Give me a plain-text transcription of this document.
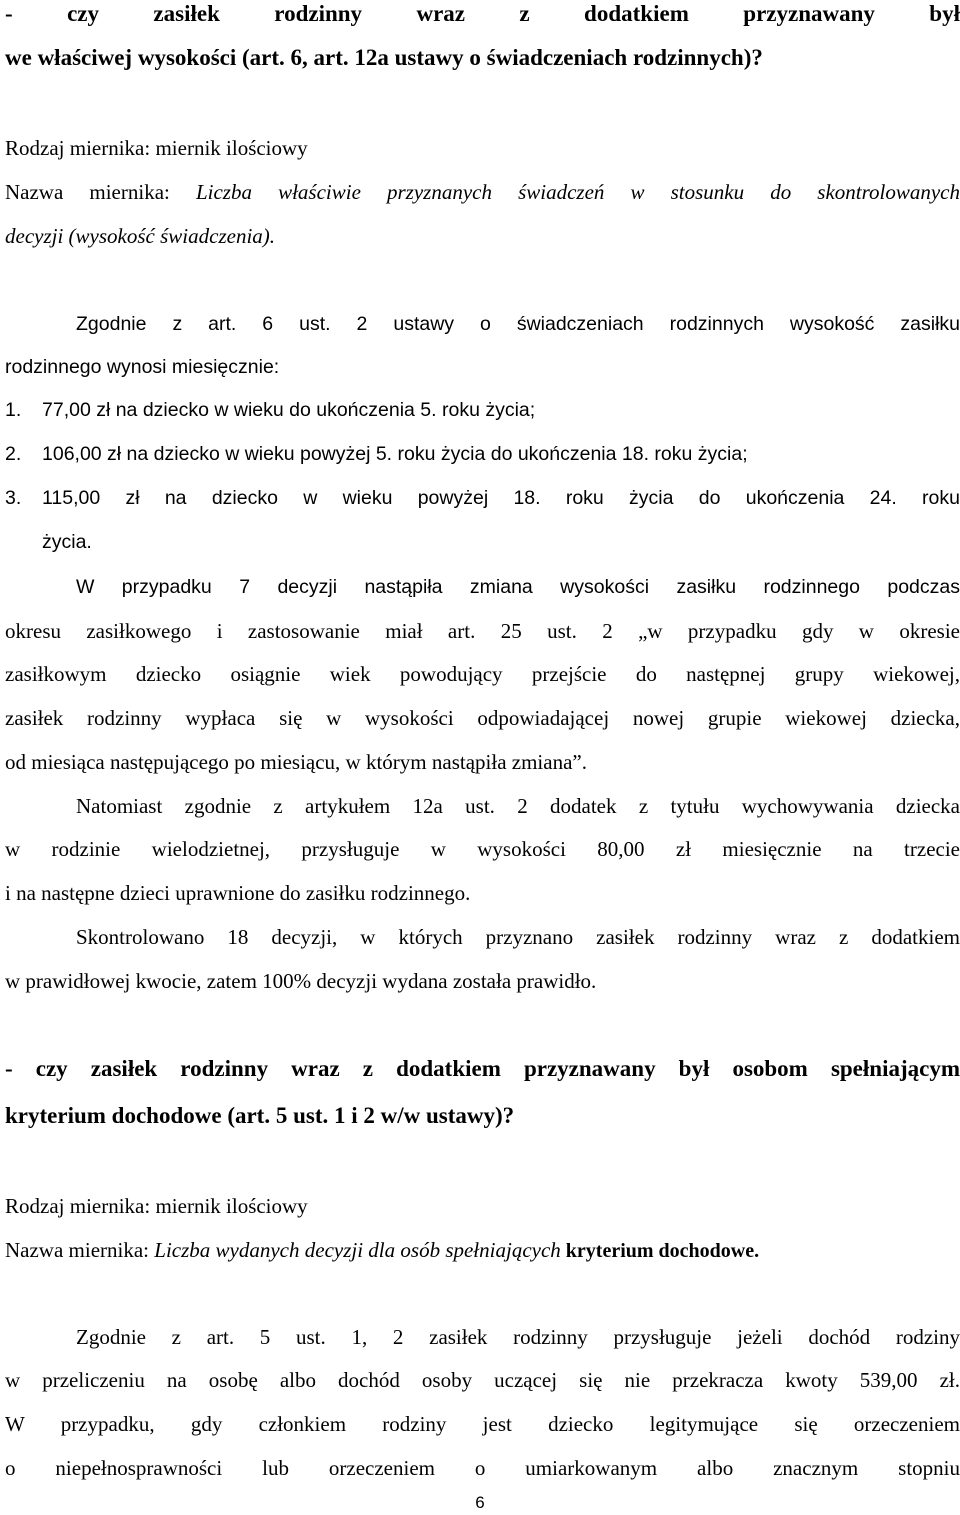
- czy zasiłek rodzinny wraz z dodatkiem przyznawany był
we właściwej wysokości (art. 6, art. 12a ustawy o świadczeniach rodzinnych)?
Rodzaj miernika: miernik ilościowy
Nazwa miernika: Liczba właściwie przyznanych świadczeń w stosunku do skontrolowanych
decyzji (wysokość świadczenia).
Zgodnie z art. 6 ust. 2 ustawy o świadczeniach rodzinnych wysokość zasiłku
rodzinnego wynosi miesięcznie:
1. 77,00 zł na dziecko w wieku do ukończenia 5. roku życia;
2. 106,00 zł na dziecko w wieku powyżej 5. roku życia do ukończenia 18. roku życia;
3. 115,00 zł na dziecko w wieku powyżej 18. roku życia do ukończenia 24. roku
życia.
W przypadku 7 decyzji nastąpiła zmiana wysokości zasiłku rodzinnego podczas
okresu zasiłkowego i zastosowanie miał art. 25 ust. 2 „w przypadku gdy w okresie
zasiłkowym dziecko osiągnie wiek powodujący przejście do następnej grupy wiekowej,
zasiłek rodzinny wypłaca się w wysokości odpowiadającej nowej grupie wiekowej dziecka,
od miesiąca następującego po miesiącu, w którym nastąpiła zmiana”.
Natomiast zgodnie z artykułem 12a ust. 2 dodatek z tytułu wychowywania dziecka
w rodzinie wielodzietnej, przysługuje w wysokości 80,00 zł miesięcznie na trzecie
i na następne dzieci uprawnione do zasiłku rodzinnego.
Skontrolowano 18 decyzji, w których przyznano zasiłek rodzinny wraz z dodatkiem
w prawidłowej kwocie, zatem 100% decyzji wydana została prawidło.
- czy zasiłek rodzinny wraz z dodatkiem przyznawany był osobom spełniającym
kryterium dochodowe (art. 5 ust. 1 i 2 w/w ustawy)?
Rodzaj miernika: miernik ilościowy
Nazwa miernika: Liczba wydanych decyzji dla osób spełniających kryterium dochodowe.
Zgodnie z art. 5 ust. 1, 2 zasiłek rodzinny przysługuje jeżeli dochód rodziny
w przeliczeniu na osobę albo dochód osoby uczącej się nie przekracza kwoty 539,00 zł.
W przypadku, gdy członkiem rodziny jest dziecko legitymujące się orzeczeniem
o niepełnosprawności lub orzeczeniem o umiarkowanym albo znacznym stopniu
6
